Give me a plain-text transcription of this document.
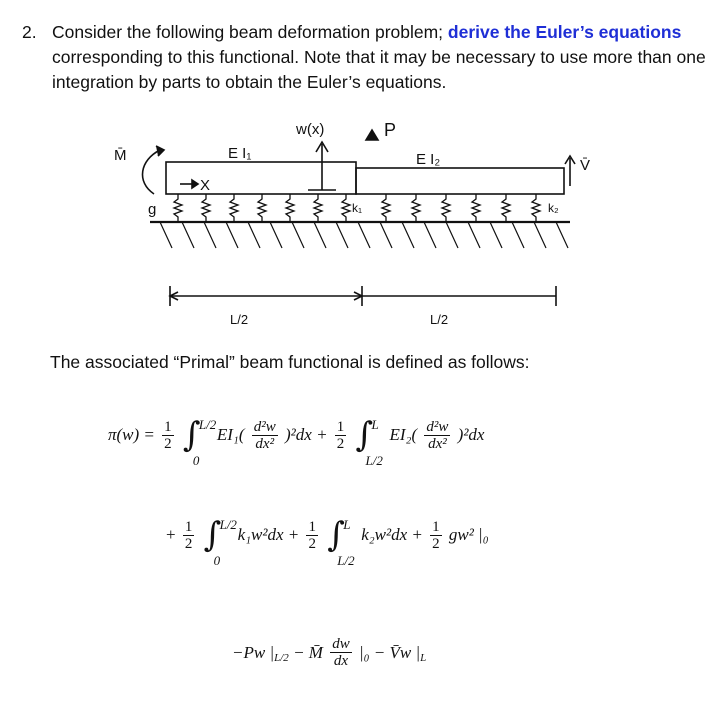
2. Consider the following beam deformation problem; derive the Euler’s equations corresponding to this functional. Note that it may be necessary to use more than one integration by parts to obtain the Euler’s equations.
w(x)	P
E I₁	E I₂
M̄
V̄
X
g	k₁	k₂
L/2	L/2
The associated “Primal” beam functional is defined as follows:
$\pi(w) = \frac{1}{2}$ ∫
L/2
0
$EI_1( \frac{\text{d²w}}{\text{dx²}} )^2dx + \frac{1}{2}$ ∫
L
L/2
$EI_2( \frac{\text{d²w}}{\text{dx²}} )^2dx$
+ $\frac{1}{2}$ ∫
L/2
0
$k_1w^2dx + \frac{1}{2}$ ∫
L
L/2
$k_2w^2dx + \frac{1}{2} gw^2$ |₀
−Pw |L/2 − M̄ $\frac{dw}{dx} |_0$ − V̄w |L
